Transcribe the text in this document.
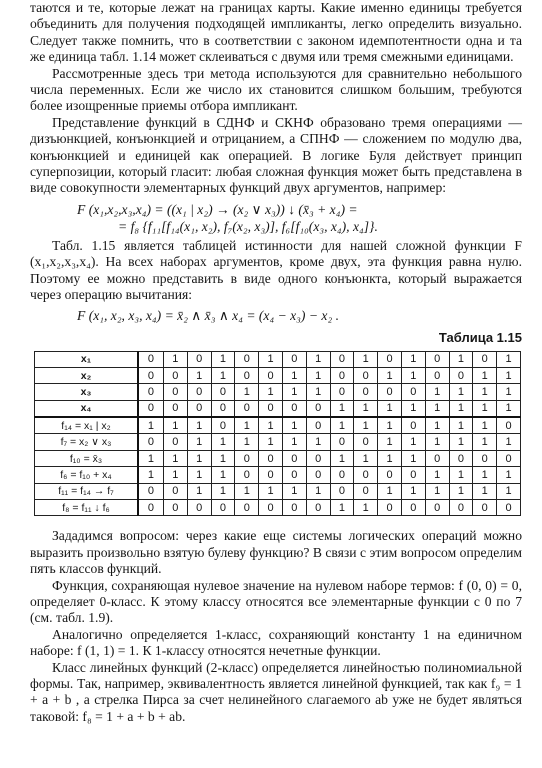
таются и те, которые лежат на границах карты. Какие именно единицы требуется объединить для получения подходящей импликанты, легко определить визуально. Следует также помнить, что в соответствии с законом идемпотентности одна и та же единица табл. 1.14 может склеиваться с двумя или тремя смежными единицами.

Рассмотренные здесь три метода используются для сравнительно небольшого числа переменных. Если же число их становится слишком большим, требуются более изощренные приемы отбора импликант.

Представление функций в СДНФ и СКНФ образовано тремя операциями — дизъюнкцией, конъюнкцией и отрицанием, а СПНФ — сложением по модулю два, конъюнкцией и единицей как операцией. В логике Буля действует принцип суперпозиции, который гласит: любая сложная функция может быть представлена в виде совокупности элементарных функций двух аргументов, например:

F (x₁,x₂,x₃,x₄) = ((x₁ | x₂) → (x₂ ∨ x₃)) ↓ (x̄₃ + x₄) =
= f₈ {f₁₁[f₁₄(x₁, x₂), f₇(x₂, x₃)], f₆[f₁₀(x₃, x₄), x₄]}.

Табл. 1.15 является таблицей истинности для нашей сложной функции F (x₁,x₂,x₃,x₄). На всех наборах аргументов, кроме двух, эта функция равна нулю. Поэтому ее можно представить в виде одного конъюнкта, который выражается через операцию вычитания:

F (x₁, x₂, x₃, x₄) = x̄₂ ∧ x̄₃ ∧ x₄ = (x₄ − x₃) − x₂ .
Таблица 1.15
x₁	0	1	0	1	0	1	0	1	0	1	0	1	0	1	0	1
x₂	0	0	1	1	0	0	1	1	0	0	1	1	0	0	1	1
x₃	0	0	0	0	1	1	1	1	0	0	0	0	1	1	1	1
x₄	0	0	0	0	0	0	0	0	1	1	1	1	1	1	1	1
f₁₄ = x₁ | x₂	1	1	1	0	1	1	1	0	1	1	1	0	1	1	1	0
f₇ = x₂ ∨ x₃	0	0	1	1	1	1	1	1	0	0	1	1	1	1	1	1
f₁₀ = x̄₃	1	1	1	1	0	0	0	0	1	1	1	1	0	0	0	0
f₆ = f₁₀ + x₄	1	1	1	1	0	0	0	0	0	0	0	0	1	1	1	1
f₁₁ = f₁₄ → f₇	0	0	1	1	1	1	1	1	0	0	1	1	1	1	1	1
f₈ = f₁₁ ↓ f₆	0	0	0	0	0	0	0	0	1	1	0	0	0	0	0	0

Зададимся вопросом: через какие еще системы логических операций можно выразить произвольно взятую булеву функцию? В связи с этим вопросом определим пять классов функций.

Функция, сохраняющая нулевое значение на нулевом наборе термов: f (0, 0) = 0, определяет 0-класс. К этому классу относятся все элементарные функции с 0 по 7 (см. табл. 1.9).

Аналогично определяется 1-класс, сохраняющий константу 1 на единичном наборе: f (1, 1) = 1. К 1-классу относятся нечетные функции.

Класс линейных функций (2-класс) определяется линейностью полиномиальной формы. Так, например, эквивалентность является линейной функцией, так как f₉ = 1 + a + b , а стрелка Пирса за счет нелинейного слагаемого ab уже не будет являться таковой: f₈ = 1 + a + b + ab.
